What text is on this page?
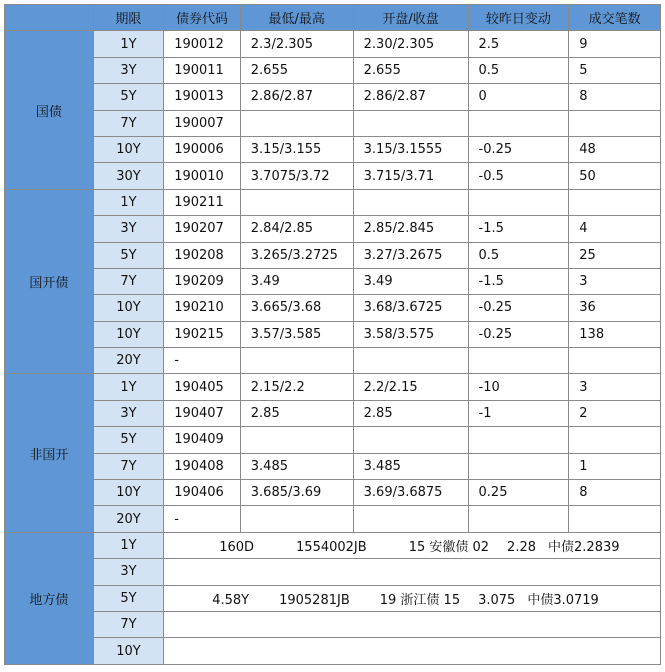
	期限	债券代码	最低/最高	开盘/收盘	较昨日变动	成交笔数
国债	1Y	190012	2.3/2.305	2.30/2.305	2.5	9
	3Y	190011	2.655	2.655	0.5	5
	5Y	190013	2.86/2.87	2.86/2.87	0	8
	7Y	190007				
	10Y	190006	3.15/3.155	3.15/3.1555	-0.25	48
	30Y	190010	3.7075/3.72	3.715/3.71	-0.5	50
国开债	1Y	190211				
	3Y	190207	2.84/2.85	2.85/2.845	-1.5	4
	5Y	190208	3.265/3.2725	3.27/3.2675	0.5	25
	7Y	190209	3.49	3.49	-1.5	3
	10Y	190210	3.665/3.68	3.68/3.6725	-0.25	36
	10Y	190215	3.57/3.585	3.58/3.575	-0.25	138
	20Y	-				
非国开	1Y	190405	2.15/2.2	2.2/2.15	-10	3
	3Y	190407	2.85	2.85	-1	2
	5Y	190409				
	7Y	190408	3.485	3.485		1
	10Y	190406	3.685/3.69	3.69/3.6875	0.25	8
	20Y	-				
地方债	1Y	160D 1554002JB 15 安徽债 02 2.28 中债2.2839				
	3Y					
	5Y	4.58Y 1905281JB 19 浙江债 15 3.075 中债3.0719				
	7Y					
	10Y					
